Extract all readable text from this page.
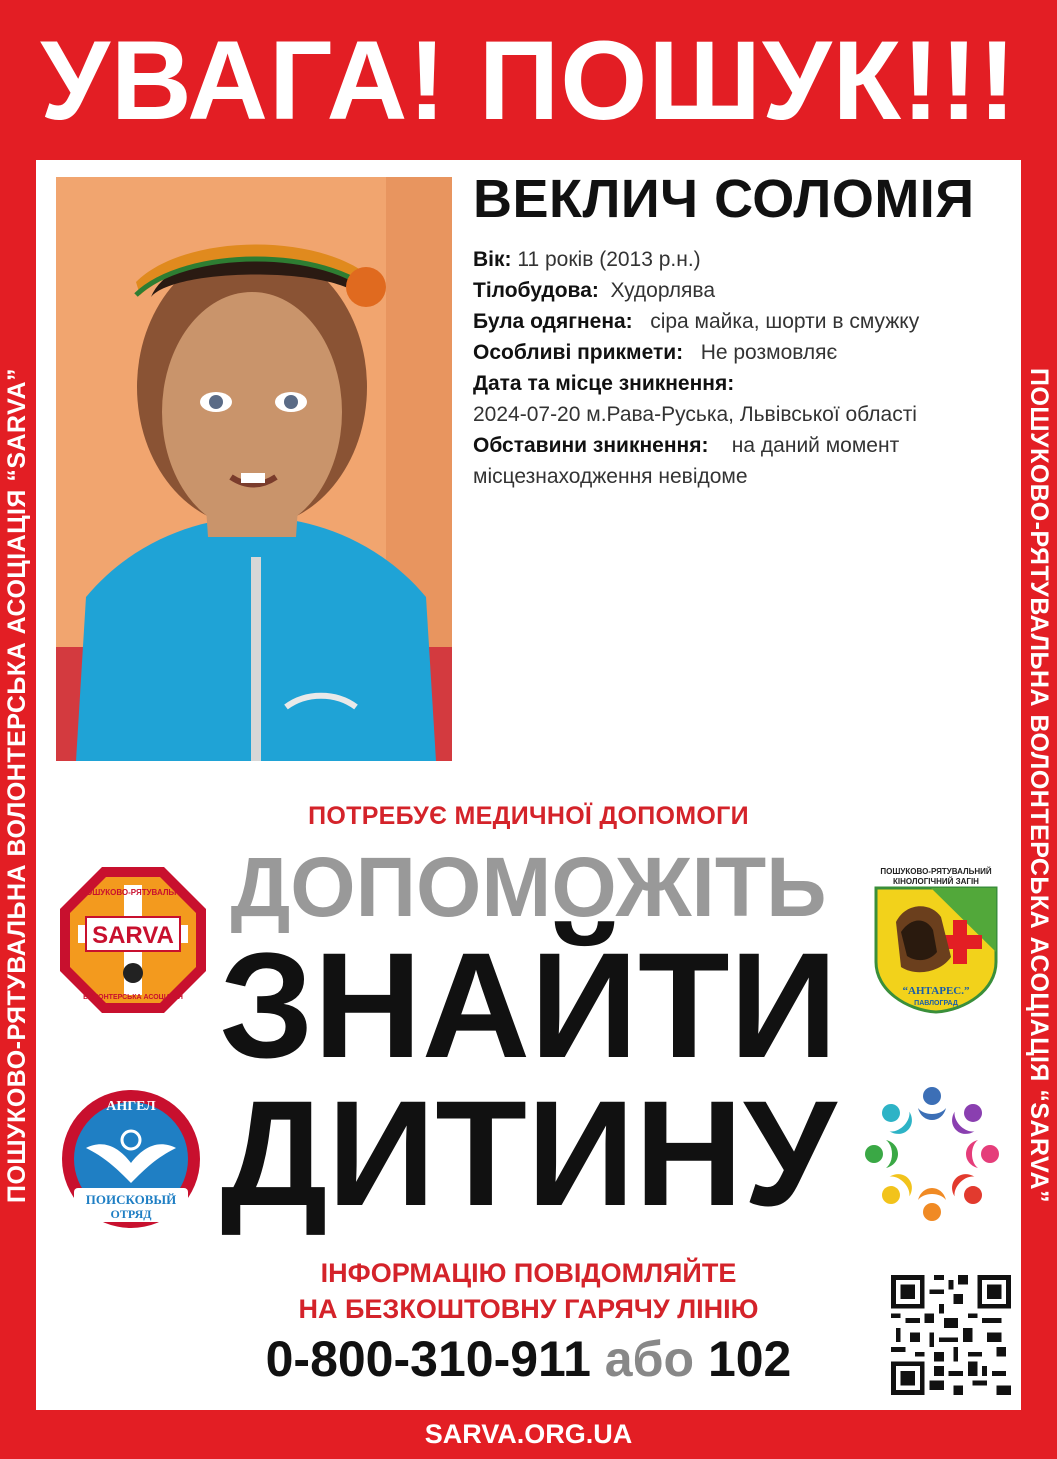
УВАГА! ПОШУК!!!
ПОШУКОВО-РЯТУВАЛЬНА ВОЛОНТЕРСЬКА АСОЦІАЦІЯ “SARVA”	ПОШУКОВО-РЯТУВАЛЬНА ВОЛОНТЕРСЬКА АСОЦІАЦІЯ “SARVA”
ВЕКЛИЧ СОЛОМІЯ
Вік: 11 років (2013 р.н.)
Тілобудова: Худорлява
Була одягнена: сіра майка, шорти в смужку
Особливі прикмети: Не розмовляє
Дата та місце зникнення:
2024-07-20 м.Рава-Руська, Львівської області
Обставини зникнення: на даний момент
місцезнаходження невідоме
ПОТРЕБУЄ МЕДИЧНОЇ ДОПОМОГИ
ДОПОМОЖІТЬ
ЗНАЙТИ
ДИТИНУ
ІНФОРМАЦІЮ ПОВІДОМЛЯЙТЕ
НА БЕЗКОШТОВНУ ГАРЯЧУ ЛІНІЮ
0-800-310-911 або 102
SARVA
ПОШУКОВО-РЯТУВАЛЬНА
ВОЛОНТЕРСЬКА АСОЦІАЦІЯ
ПОШУКОВО-РЯТУВАЛЬНИЙ
КІНОЛОГІЧНИЙ ЗАГІН
“АНТАРЕС.”
ПАВЛОГРАД
АНГЕЛ
ПОИСКОВЫЙ
ОТРЯД
SARVA.ORG.UA
